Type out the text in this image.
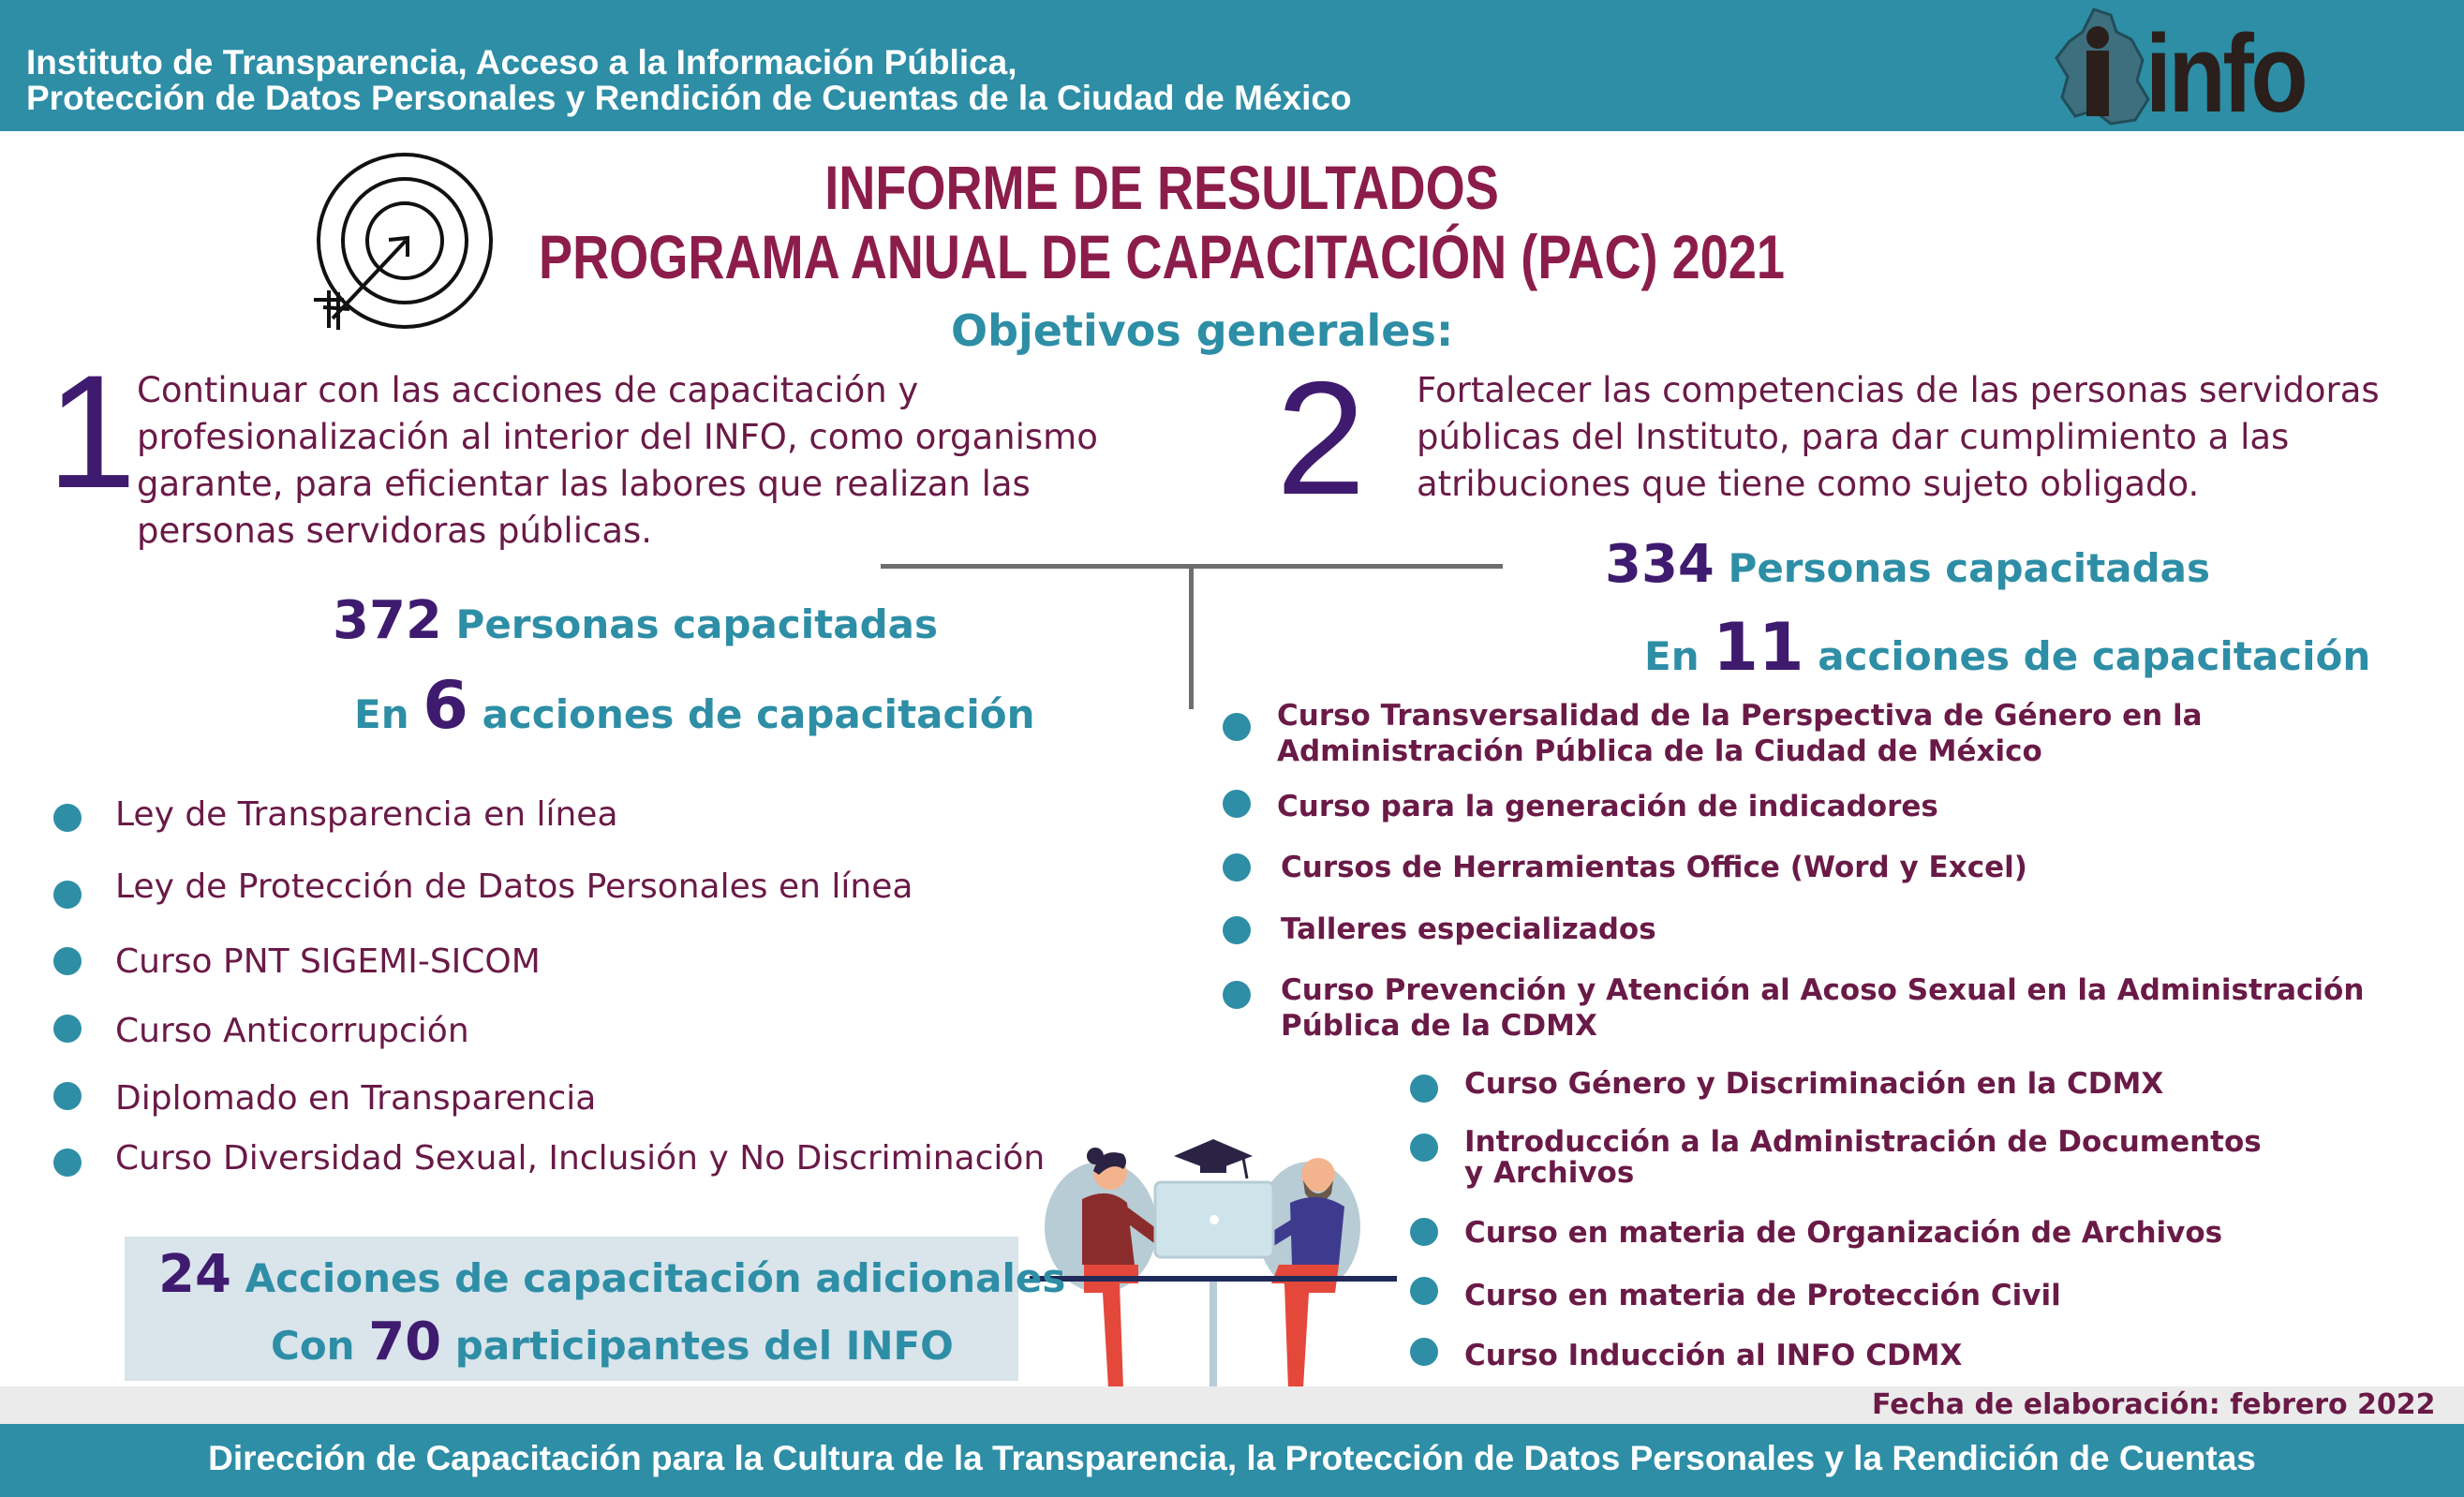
Instituto de Transparencia, Acceso a la Información Pública,
Protección de Datos Personales y Rendición de Cuentas de la Ciudad de México	info
INFORME DE RESULTADOS
PROGRAMA ANUAL DE CAPACITACIÓN (PAC) 2021
Objetivos generales:
1 Continuar con las acciones de capacitación y profesionalización al interior del INFO, como organismo garante, para eficientar las labores que realizan las personas servidoras públicas.
2 Fortalecer las competencias de las personas servidoras públicas del Instituto, para dar cumplimiento a las atribuciones que tiene como sujeto obligado.
372 Personas capacitadas
En 6 acciones de capacitación
334 Personas capacitadas
En 11 acciones de capacitación
Ley de Transparencia en línea
Ley de Protección de Datos Personales en línea
Curso PNT SIGEMI-SICOM
Curso Anticorrupción
Diplomado en Transparencia
Curso Diversidad Sexual, Inclusión y No Discriminación
Curso Transversalidad de la Perspectiva de Género en la
Administración Pública de la Ciudad de México
Curso para la generación de indicadores
Cursos de Herramientas Office (Word y Excel)
Talleres especializados
Curso Prevención y Atención al Acoso Sexual en la Administración
Pública de la CDMX
Curso Género y Discriminación en la CDMX
Introducción a la Administración de Documentos
y Archivos
Curso en materia de Organización de Archivos
Curso en materia de Protección Civil
Curso Inducción al INFO CDMX
24 Acciones de capacitación adicionales
Con 70 participantes del INFO
Fecha de elaboración: febrero 2022
Dirección de Capacitación para la Cultura de la Transparencia, la Protección de Datos Personales y la Rendición de Cuentas
